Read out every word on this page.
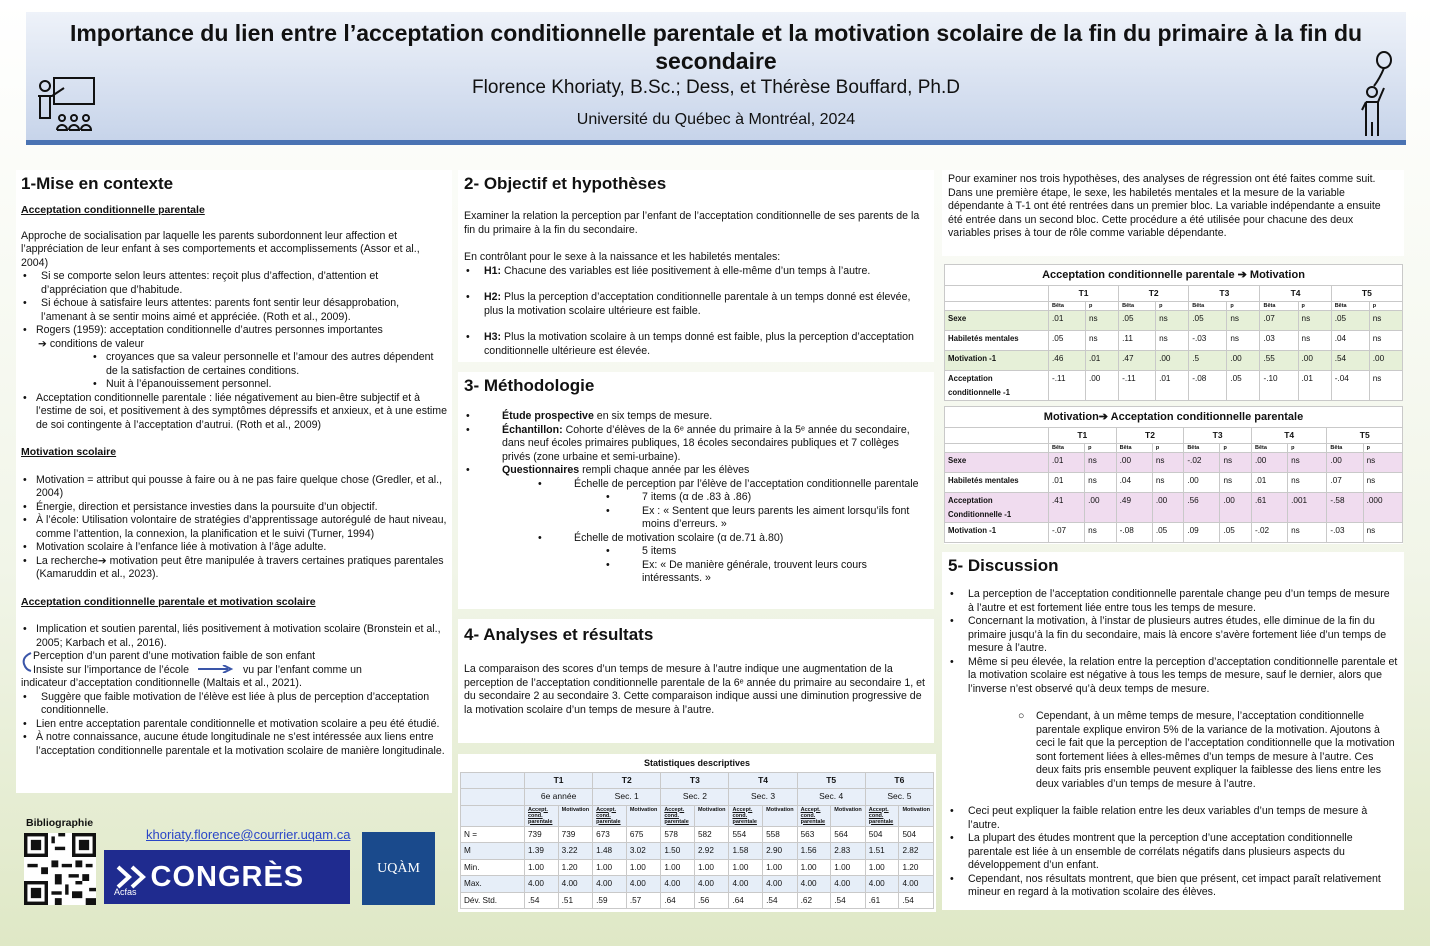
Importance du lien entre l’acceptation conditionnelle parentale et la motivation scolaire de la fin du primaire à la fin du secondaire
Florence Khoriaty, B.Sc.; Dess, et Thérèse Bouffard, Ph.D
Université du Québec à Montréal, 2024
1-Mise en contexte
Acceptation conditionnelle parentale
Approche de socialisation par laquelle les parents subordonnent leur affection et l’appréciation de leur enfant à ses comportements et accomplissements (Assor et al., 2004)
• Si se comporte selon leurs attentes: reçoit plus d’affection, d’attention et d’appréciation que d’habitude.
• Si échoue à satisfaire leurs attentes: parents font sentir leur désapprobation, l’amenant à se sentir moins aimé et appréciée. (Roth et al., 2009).
• Rogers (1959): acceptation conditionnelle d’autres personnes importantes
➔ conditions de valeur
• croyances que sa valeur personnelle et l’amour des autres dépendent de la satisfaction de certaines conditions.
• Nuit à l’épanouissement personnel.
• Acceptation conditionnelle parentale : liée négativement au bien-être subjectif et à l’estime de soi, et positivement à des symptômes dépressifs et anxieux, et à une estime de soi contingente à l’acceptation d’autrui. (Roth et al., 2009)
Motivation scolaire
• Motivation = attribut qui pousse à faire ou à ne pas faire quelque chose (Gredler, et al., 2004)
• Énergie, direction et persistance investies dans la poursuite d’un objectif.
• À l’école: Utilisation volontaire de stratégies d’apprentissage autorégulé de haut niveau, comme l’attention, la connexion, la planification et le suivi (Turner, 1994)
• Motivation scolaire à l’enfance liée à motivation à l’âge adulte.
• La recherche➔ motivation peut être manipulée à travers certaines pratiques parentales (Kamaruddin et al., 2023).
Acceptation conditionnelle parentale et motivation scolaire
• Implication et soutien parental, liés positivement à motivation scolaire (Bronstein et al., 2005; Karbach et al., 2016).
Perception d’un parent d’une motivation faible de son enfant
Insiste sur l’importance de l’école	vu par l’enfant comme un
indicateur d’acceptation conditionnelle (Maltais et al., 2021).
• Suggère que faible motivation de l’élève est liée à plus de perception d’acceptation conditionnelle.
• Lien entre acceptation parentale conditionnelle et motivation scolaire a peu été étudié.
• À notre connaissance, aucune étude longitudinale ne s’est intéressée aux liens entre l’acceptation conditionnelle parentale et la motivation scolaire de manière longitudinale.
Bibliographie
khoriaty.florence@courrier.uqam.ca
Acfas CONGRÈS	UQÀM
2- Objectif et hypothèses
Examiner la relation la perception par l’enfant de l’acceptation conditionnelle de ses parents de la fin du primaire à la fin du secondaire.
En contrôlant pour le sexe à la naissance et les habiletés mentales:
• H1: Chacune des variables est liée positivement à elle-même d’un temps à l’autre.
• H2: Plus la perception d’acceptation conditionnelle parentale à un temps donné est élevée, plus la motivation scolaire ultérieure est faible.
• H3: Plus la motivation scolaire à un temps donné est faible, plus la perception d’acceptation conditionnelle ultérieure est élevée.
3- Méthodologie
• Étude prospective en six temps de mesure.
• Échantillon: Cohorte d’élèves de la 6ᵉ année du primaire à la 5ᵉ année du secondaire, dans neuf écoles primaires publiques, 18 écoles secondaires publiques et 7 collèges privés (zone urbaine et semi-urbaine).
• Questionnaires rempli chaque année par les élèves
• Échelle de perception par l’élève de l’acceptation conditionnelle parentale
• 7 items (α de .83 à .86)
• Ex : « Sentent que leurs parents les aiment lorsqu’ils font moins d’erreurs. »
• Échelle de motivation scolaire (α de.71 à.80)
• 5 items
• Ex: « De manière générale, trouvent leurs cours intéressants. »
4- Analyses et résultats
La comparaison des scores d’un temps de mesure à l’autre indique une augmentation de la perception de l’acceptation conditionnelle parentale de la 6ᵉ année du primaire au secondaire 1, et du secondaire 2 au secondaire 3. Cette comparaison indique aussi une diminution progressive de la motivation scolaire d’un temps de mesure à l’autre.
Statistiques descriptives
	T1		T2		T3		T4		T5		T6	
	6e année		Sec. 1		Sec. 2		Sec. 3		Sec. 4		Sec. 5	
	Accept. cond. parentale	Motivation	Accept. cond. parentale	Motivation	Accept. cond. parentale	Motivation	Accept. cond. parentale	Motivation	Accept. cond. parentale	Motivation	Accept. cond. parentale	Motivation
N =	739	739	673	675	578	582	554	558	563	564	504	504
M	1.39	3.22	1.48	3.02	1.50	2.92	1.58	2.90	1.56	2.83	1.51	2.82
Min.	1.00	1.20	1.00	1.00	1.00	1.00	1.00	1.00	1.00	1.00	1.00	1.20
Max.	4.00	4.00	4.00	4.00	4.00	4.00	4.00	4.00	4.00	4.00	4.00	4.00
Dév. Std.	.54	.51	.59	.57	.64	.56	.64	.54	.62	.54	.61	.54
Pour examiner nos trois hypothèses, des analyses de régression ont été faites comme suit. Dans une première étape, le sexe, les habiletés mentales et la mesure de la variable dépendante à T-1 ont été rentrées dans un premier bloc. La variable indépendante a ensuite été entrée dans un second bloc. Cette procédure a été utilisée pour chacune des deux variables prises à tour de rôle comme variable dépendante.
Acceptation conditionnelle parentale ➔ Motivation
	T1		T2		T3		T4		T5	
	Bêta	p	Bêta	p	Bêta	p	Bêta	p	Bêta	p
Sexe	.01	ns	.05	ns	.05	ns	.07	ns	.05	ns
Habiletés mentales	.05	ns	.11	ns	-.03	ns	.03	ns	.04	ns
Motivation -1	.46	.01	.47	.00	.5	.00	.55	.00	.54	.00
Acceptation conditionnelle -1	-.11	.00	-.11	.01	-.08	.05	-.10	.01	-.04	ns
Motivation➔ Acceptation conditionnelle parentale
	T1		T2		T3		T4		T5	
	Bêta	p	Bêta	p	Bêta	p	Bêta	p	Bêta	p
Sexe	.01	ns	.00	ns	-.02	ns	.00	ns	.00	ns
Habiletés mentales	.01	ns	.04	ns	.00	ns	.01	ns	.07	ns
Acceptation Conditionnelle -1	.41	.00	.49	.00	.56	.00	.61	.001	-.58	.000
Motivation -1	-.07	ns	-.08	.05	.09	.05	-.02	ns	-.03	ns
5- Discussion
• La perception de l’acceptation conditionnelle parentale change peu d’un temps de mesure à l’autre et est fortement liée entre tous les temps de mesure.
• Concernant la motivation, à l’instar de plusieurs autres études, elle diminue de la fin du primaire jusqu’à la fin du secondaire, mais là encore s’avère fortement liée d’un temps de mesure à l’autre.
• Même si peu élevée, la relation entre la perception d’acceptation conditionnelle parentale et la motivation scolaire est négative à tous les temps de mesure, sauf le dernier, alors que l’inverse n’est observé qu’à deux temps de mesure.
○ Cependant, à un même temps de mesure, l’acceptation conditionnelle parentale explique environ 5% de la variance de la motivation. Ajoutons à ceci le fait que la perception de l’acceptation conditionnelle que la motivation sont fortement liées à elles-mêmes d’un temps de mesure à l’autre. Ces deux faits pris ensemble peuvent expliquer la faiblesse des liens entre les deux variables d’un temps de mesure à l’autre.
• Ceci peut expliquer la faible relation entre les deux variables d’un temps de mesure à l’autre.
• La plupart des études montrent que la perception d’une acceptation conditionnelle parentale est liée à un ensemble de corrélats négatifs dans plusieurs aspects du développement d’un enfant.
• Cependant, nos résultats montrent, que bien que présent, cet impact paraît relativement mineur en regard à la motivation scolaire des élèves.
